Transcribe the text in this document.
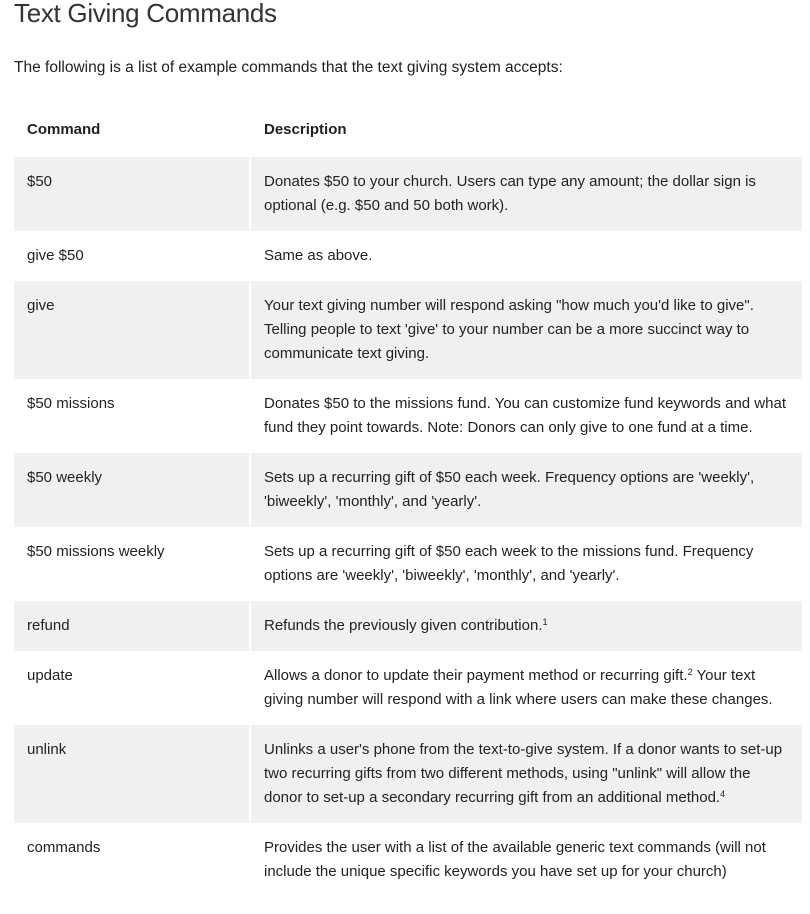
Text Giving Commands

The following is a list of example commands that the text giving system accepts:

Command	Description
$50	Donates $50 to your church. Users can type any amount; the dollar sign is optional (e.g. $50 and 50 both work).
give $50	Same as above.
give	Your text giving number will respond asking "how much you'd like to give". Telling people to text 'give' to your number can be a more succinct way to communicate text giving.
$50 missions	Donates $50 to the missions fund. You can customize fund keywords and what fund they point towards. Note: Donors can only give to one fund at a time.
$50 weekly	Sets up a recurring gift of $50 each week. Frequency options are 'weekly', 'biweekly', 'monthly', and 'yearly'.
$50 missions weekly	Sets up a recurring gift of $50 each week to the missions fund. Frequency options are 'weekly', 'biweekly', 'monthly', and 'yearly'.
refund	Refunds the previously given contribution.$^1$
update	Allows a donor to update their payment method or recurring gift.$^2$ Your text giving number will respond with a link where users can make these changes.
unlink	Unlinks a user's phone from the text-to-give system. If a donor wants to set-up two recurring gifts from two different methods, using "unlink" will allow the donor to set-up a secondary recurring gift from an additional method.$^4$
commands	Provides the user with a list of the available generic text commands (will not include the unique specific keywords you have set up for your church)
